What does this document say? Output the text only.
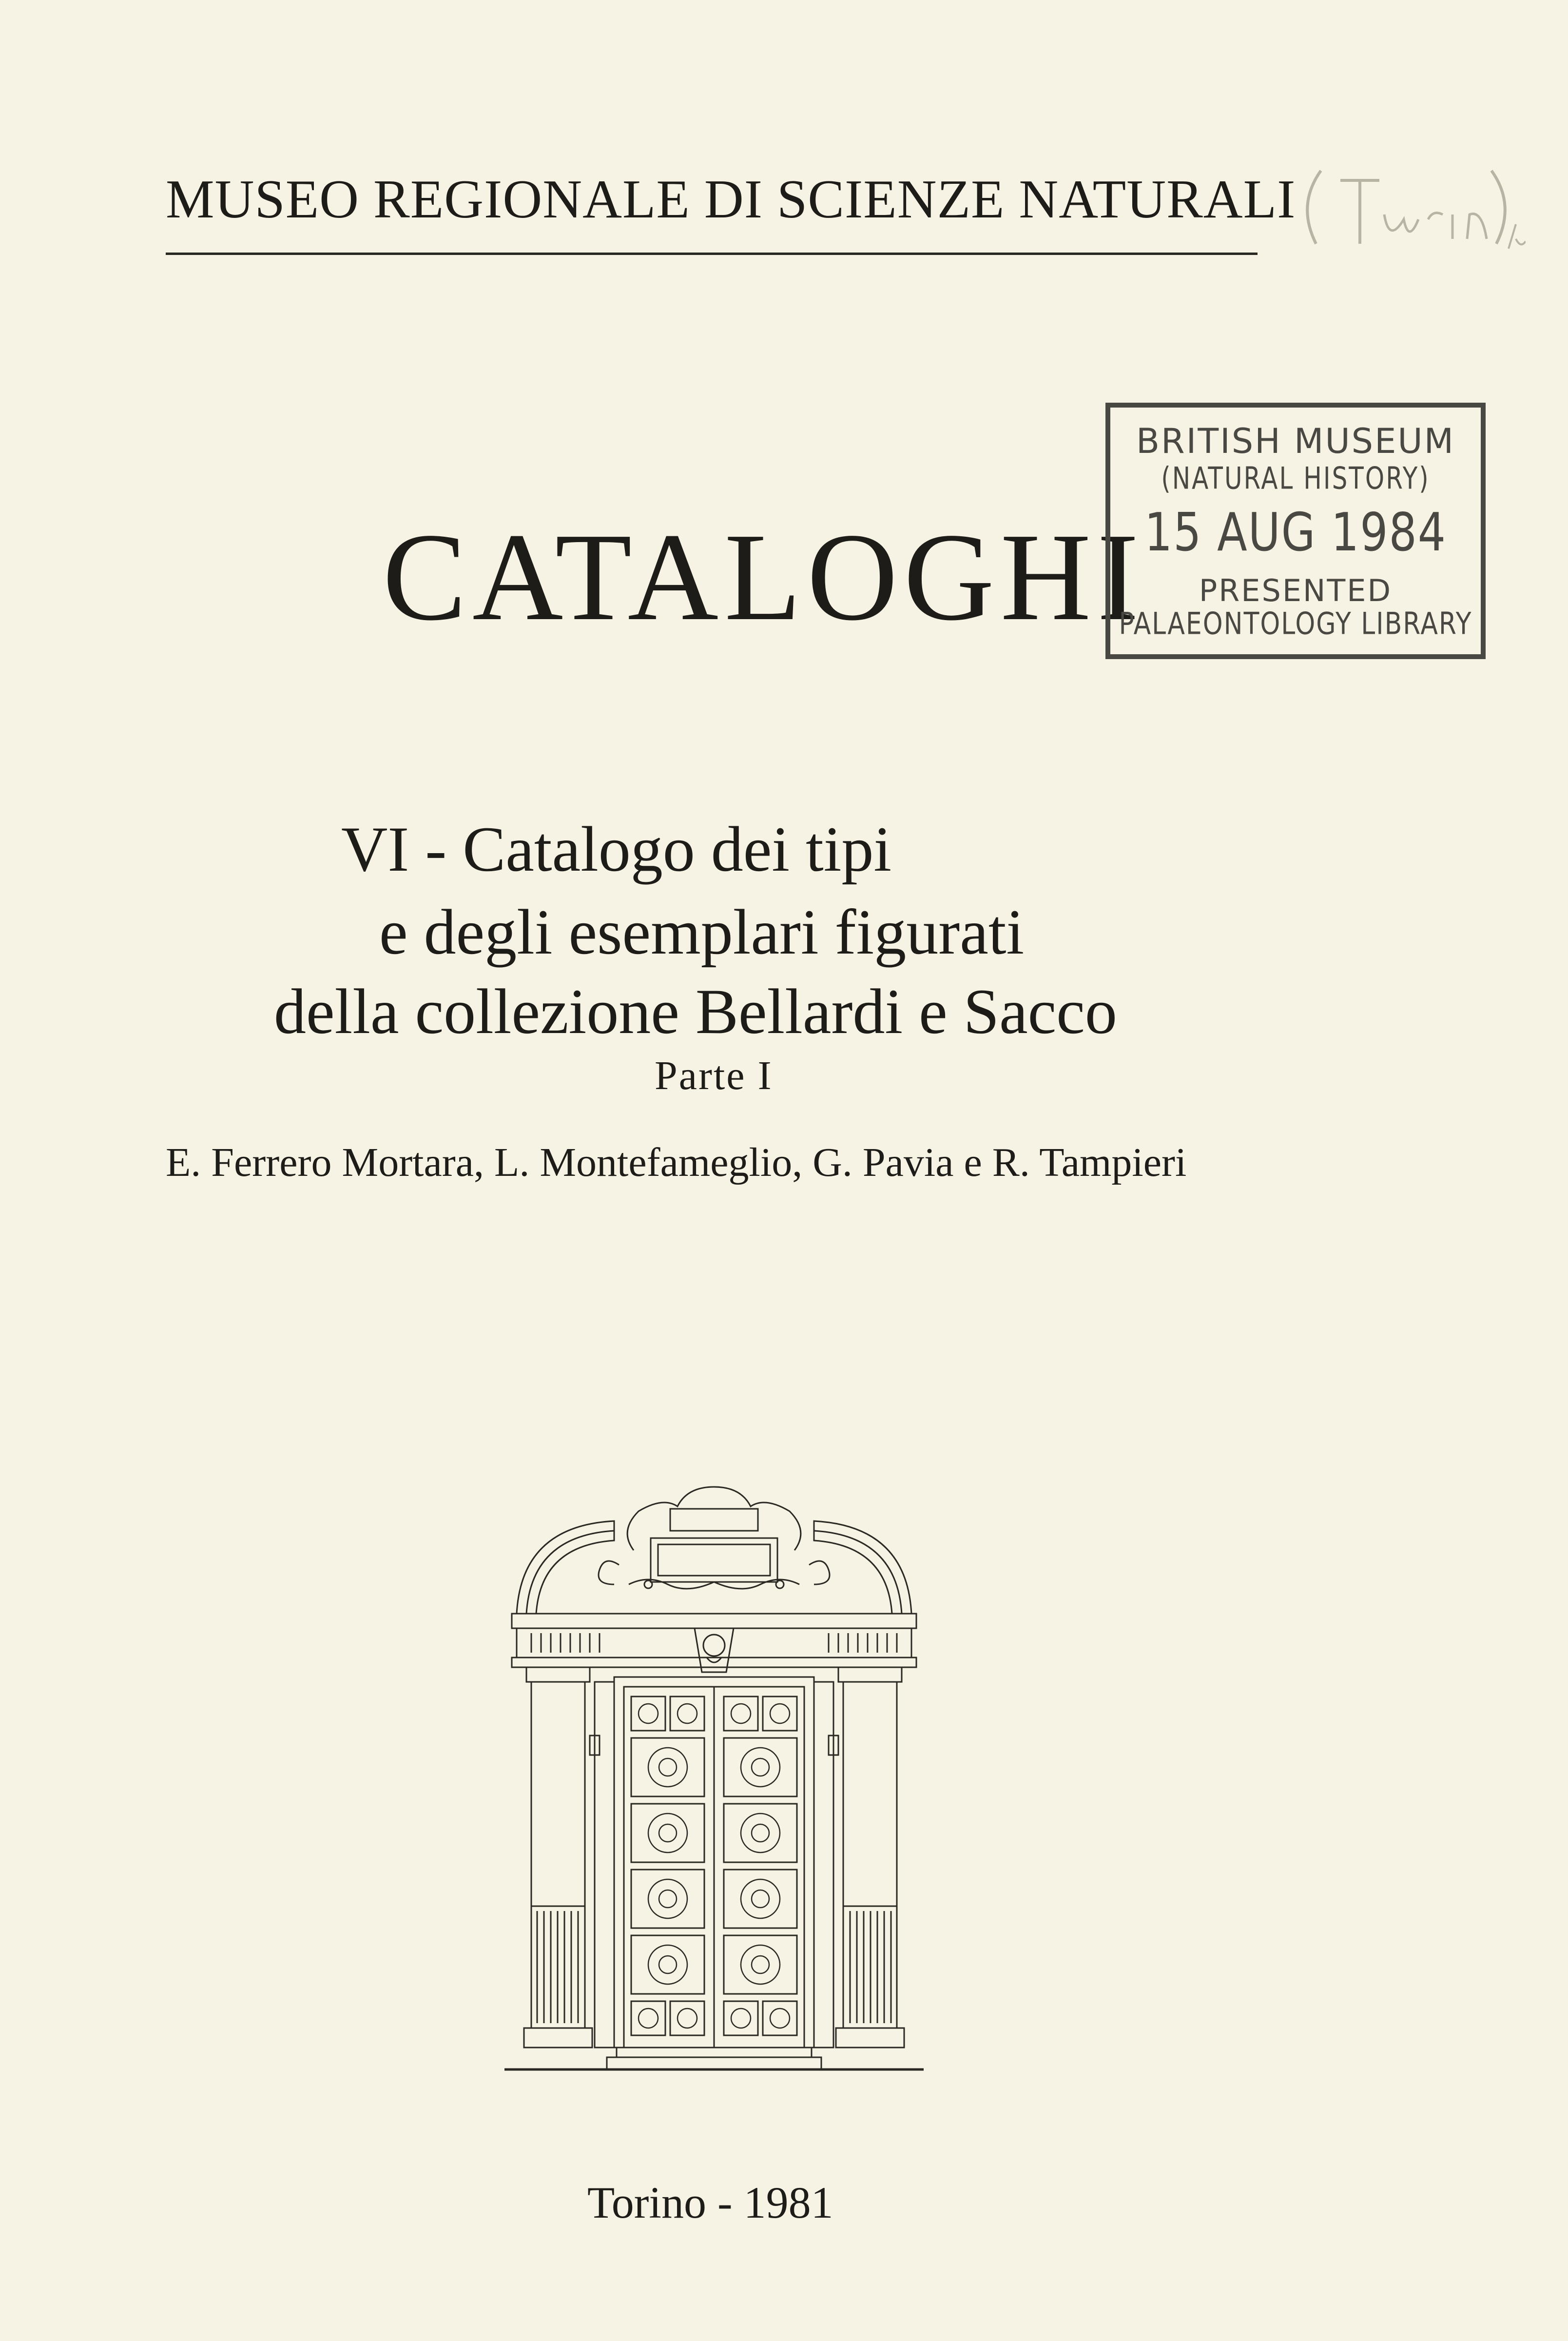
MUSEO REGIONALE DI SCIENZE NATURALI
CATALOGHI
BRITISH MUSEUM
(NATURAL HISTORY)
15 AUG 1984
PRESENTED
PALAEONTOLOGY LIBRARY
VI - Catalogo dei tipi
e degli esemplari figurati
della collezione Bellardi e Sacco
Parte I
E. Ferrero Mortara, L. Montefameglio, G. Pavia e R. Tampieri
Torino - 1981
